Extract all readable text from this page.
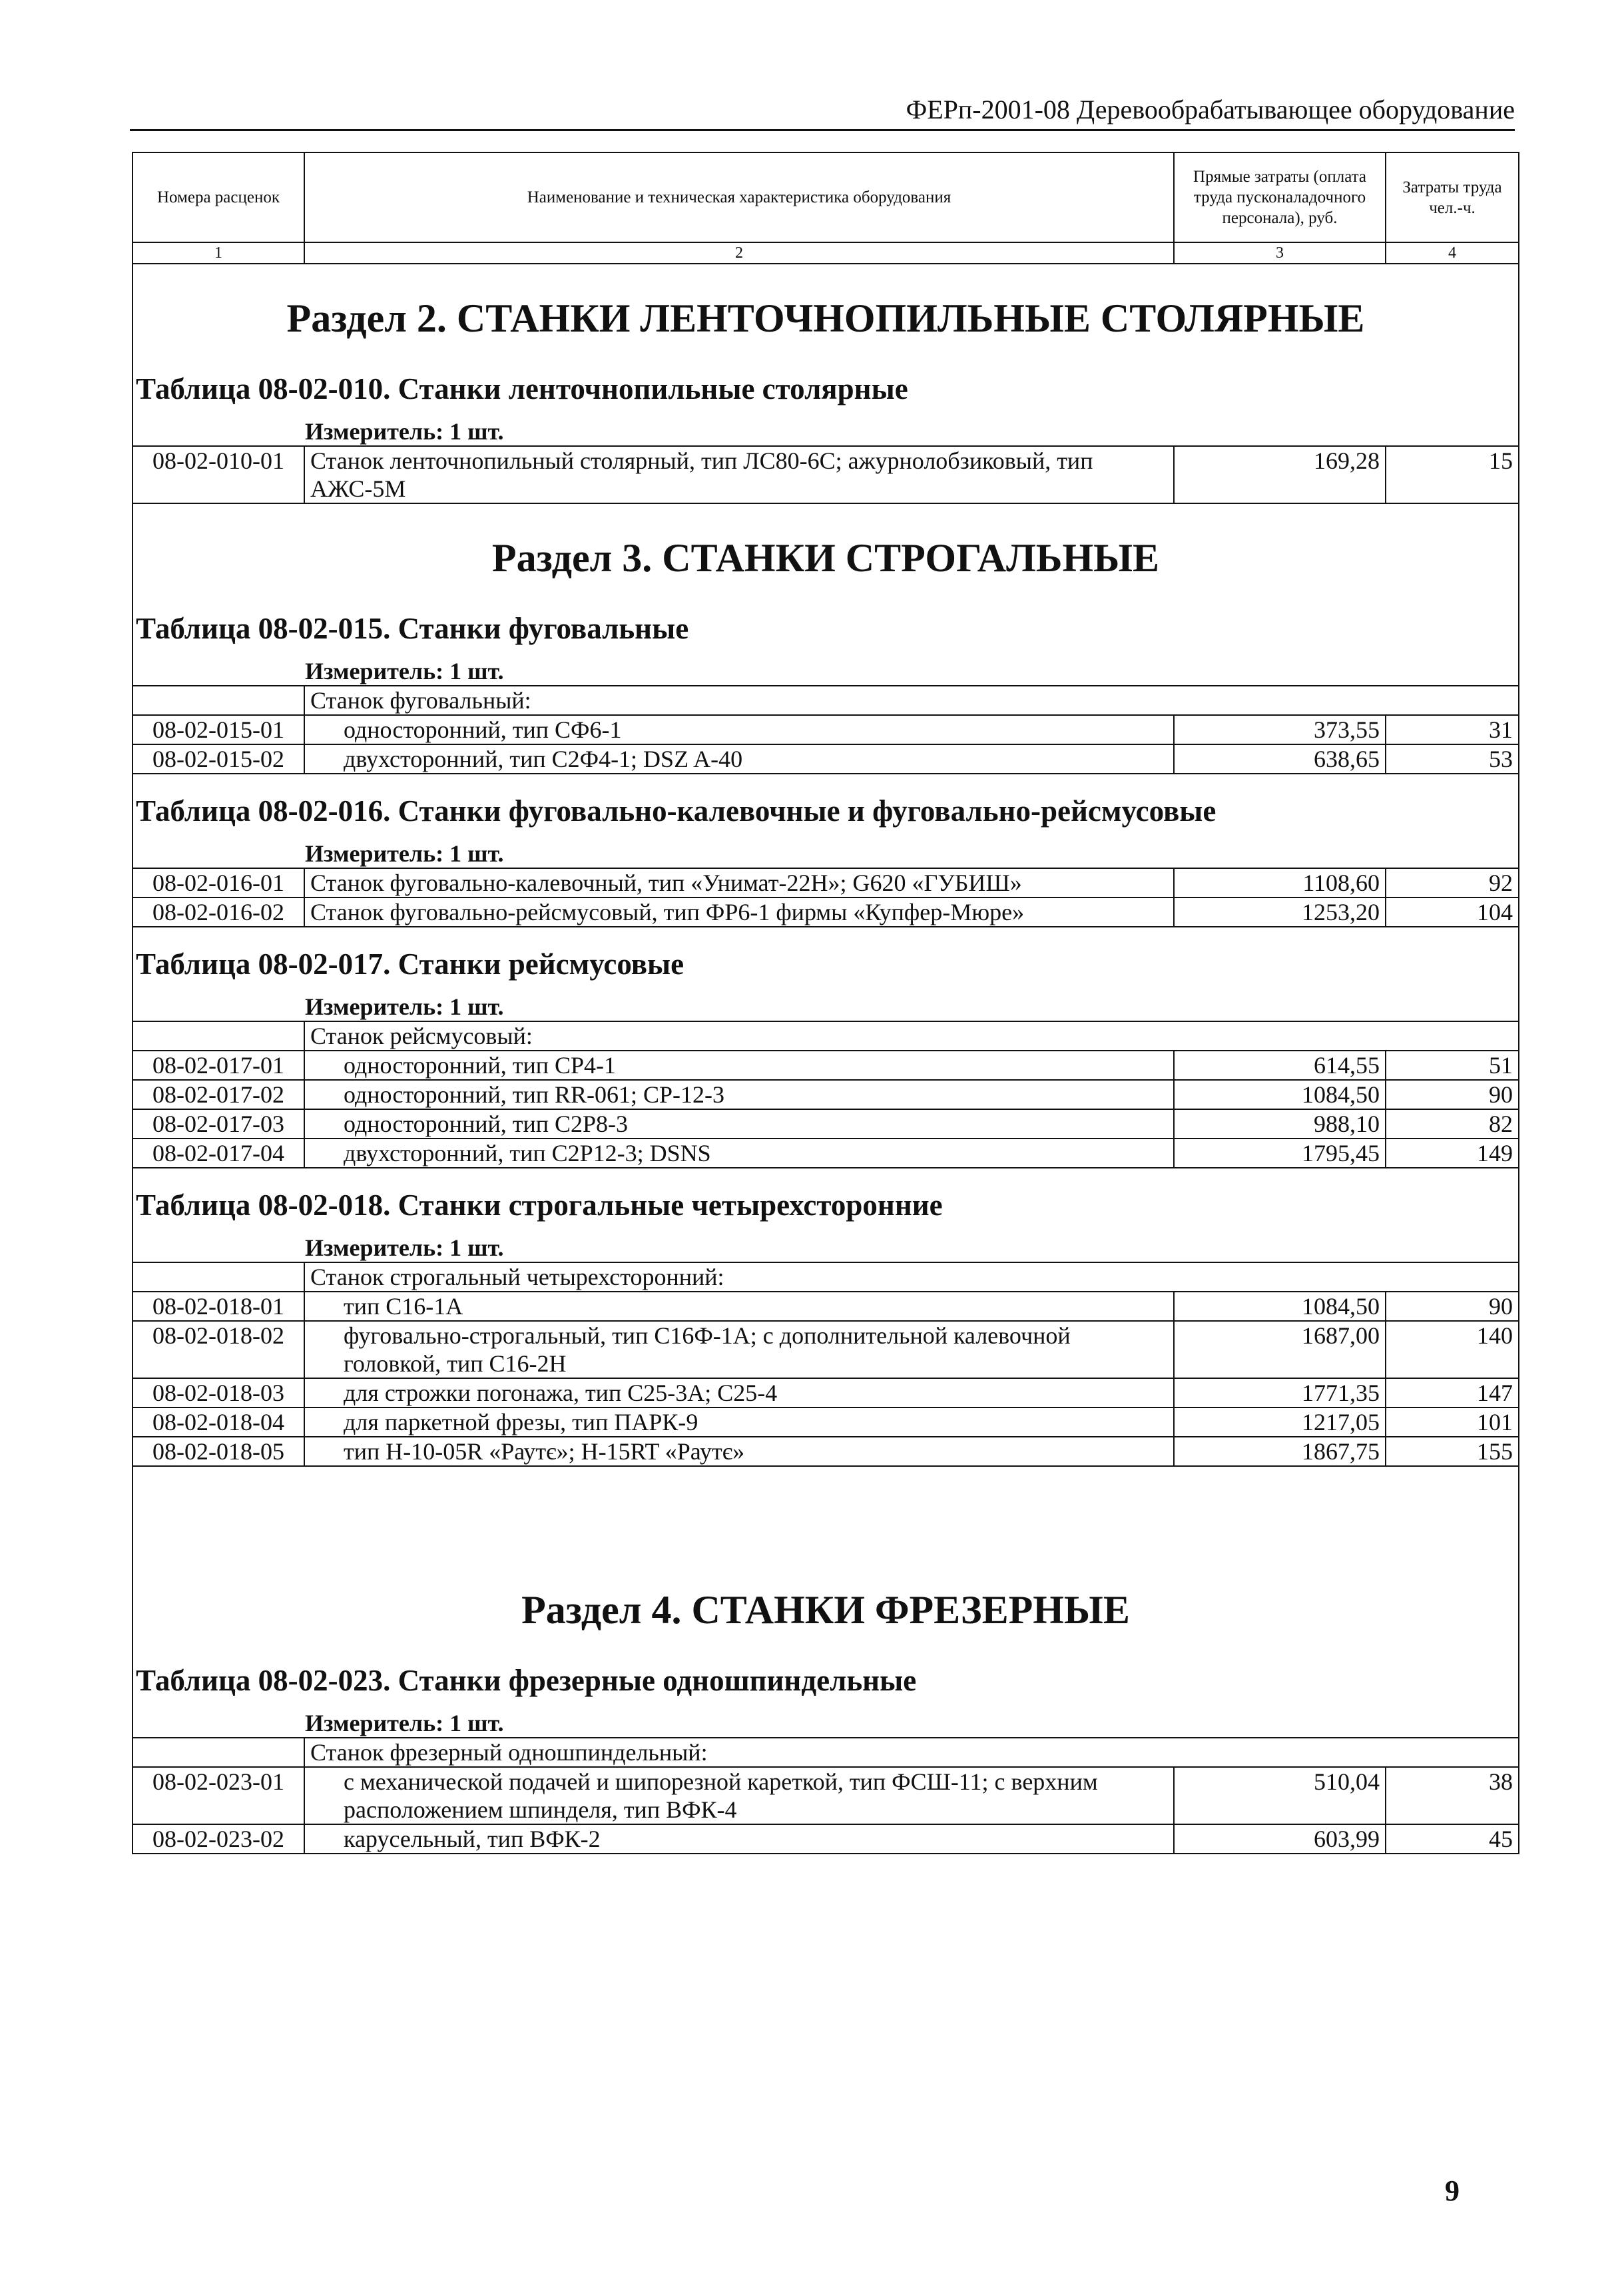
ФЕРп-2001-08 Деревообрабатывающее оборудование
Номера расценок	Наименование и техническая характеристика оборудования	Прямые затраты (оплата труда пусконаладочного персонала), руб.	Затраты труда чел.-ч.
1	2	3	4
Раздел 2. СТАНКИ ЛЕНТОЧНОПИЛЬНЫЕ СТОЛЯРНЫЕ			
Таблица 08-02-010. Станки ленточнопильные столярные			
Измеритель: 1 шт.			
08-02-010-01	Станок ленточнопильный столярный, тип ЛС80-6С; ажурнолобзиковый, тип АЖС-5М	169,28	15
Раздел 3. СТАНКИ СТРОГАЛЬНЫЕ			
Таблица 08-02-015. Станки фуговальные			
Измеритель: 1 шт.			
	Станок фуговальный:		
08-02-015-01	односторонний, тип СФ6-1	373,55	31
08-02-015-02	двухсторонний, тип С2Ф4-1; DSZ A-40	638,65	53

Таблица 08-02-016. Станки фуговально-калевочные и фуговально-рейсмусовые			
Измеритель: 1 шт.			
08-02-016-01	Станок фуговально-калевочный, тип «Унимат-22Н»; G620 «ГУБИШ»	1108,60	92
08-02-016-02	Станок фуговально-рейсмусовый, тип ФР6-1 фирмы «Купфер-Мюре»	1253,20	104

Таблица 08-02-017. Станки рейсмусовые			
Измеритель: 1 шт.			
	Станок рейсмусовый:		
08-02-017-01	односторонний, тип СР4-1	614,55	51
08-02-017-02	односторонний, тип RR-061; CP-12-3	1084,50	90
08-02-017-03	односторонний, тип С2Р8-3	988,10	82
08-02-017-04	двухсторонний, тип С2Р12-3; DSNS	1795,45	149

Таблица 08-02-018. Станки строгальные четырехсторонние			
Измеритель: 1 шт.			
	Станок строгальный четырехсторонний:		
08-02-018-01	тип С16-1А	1084,50	90
08-02-018-02	фуговально-строгальный, тип С16Ф-1А; с дополнительной калевочной головкой, тип С16-2Н	1687,00	140
08-02-018-03	для строжки погонажа, тип С25-3А; С25-4	1771,35	147
08-02-018-04	для паркетной фрезы, тип ПАРК-9	1217,05	101
08-02-018-05	тип H-10-05R «Раутє»; H-15RT «Раутє»	1867,75	155
Раздел 4. СТАНКИ ФРЕЗЕРНЫЕ			
Таблица 08-02-023. Станки фрезерные одношпиндельные			
Измеритель: 1 шт.			
	Станок фрезерный одношпиндельный:		
08-02-023-01	с механической подачей и шипорезной кареткой, тип ФСШ-11; с верхним расположением шпинделя, тип ВФК-4	510,04	38
08-02-023-02	карусельный, тип ВФК-2	603,99	45
9
